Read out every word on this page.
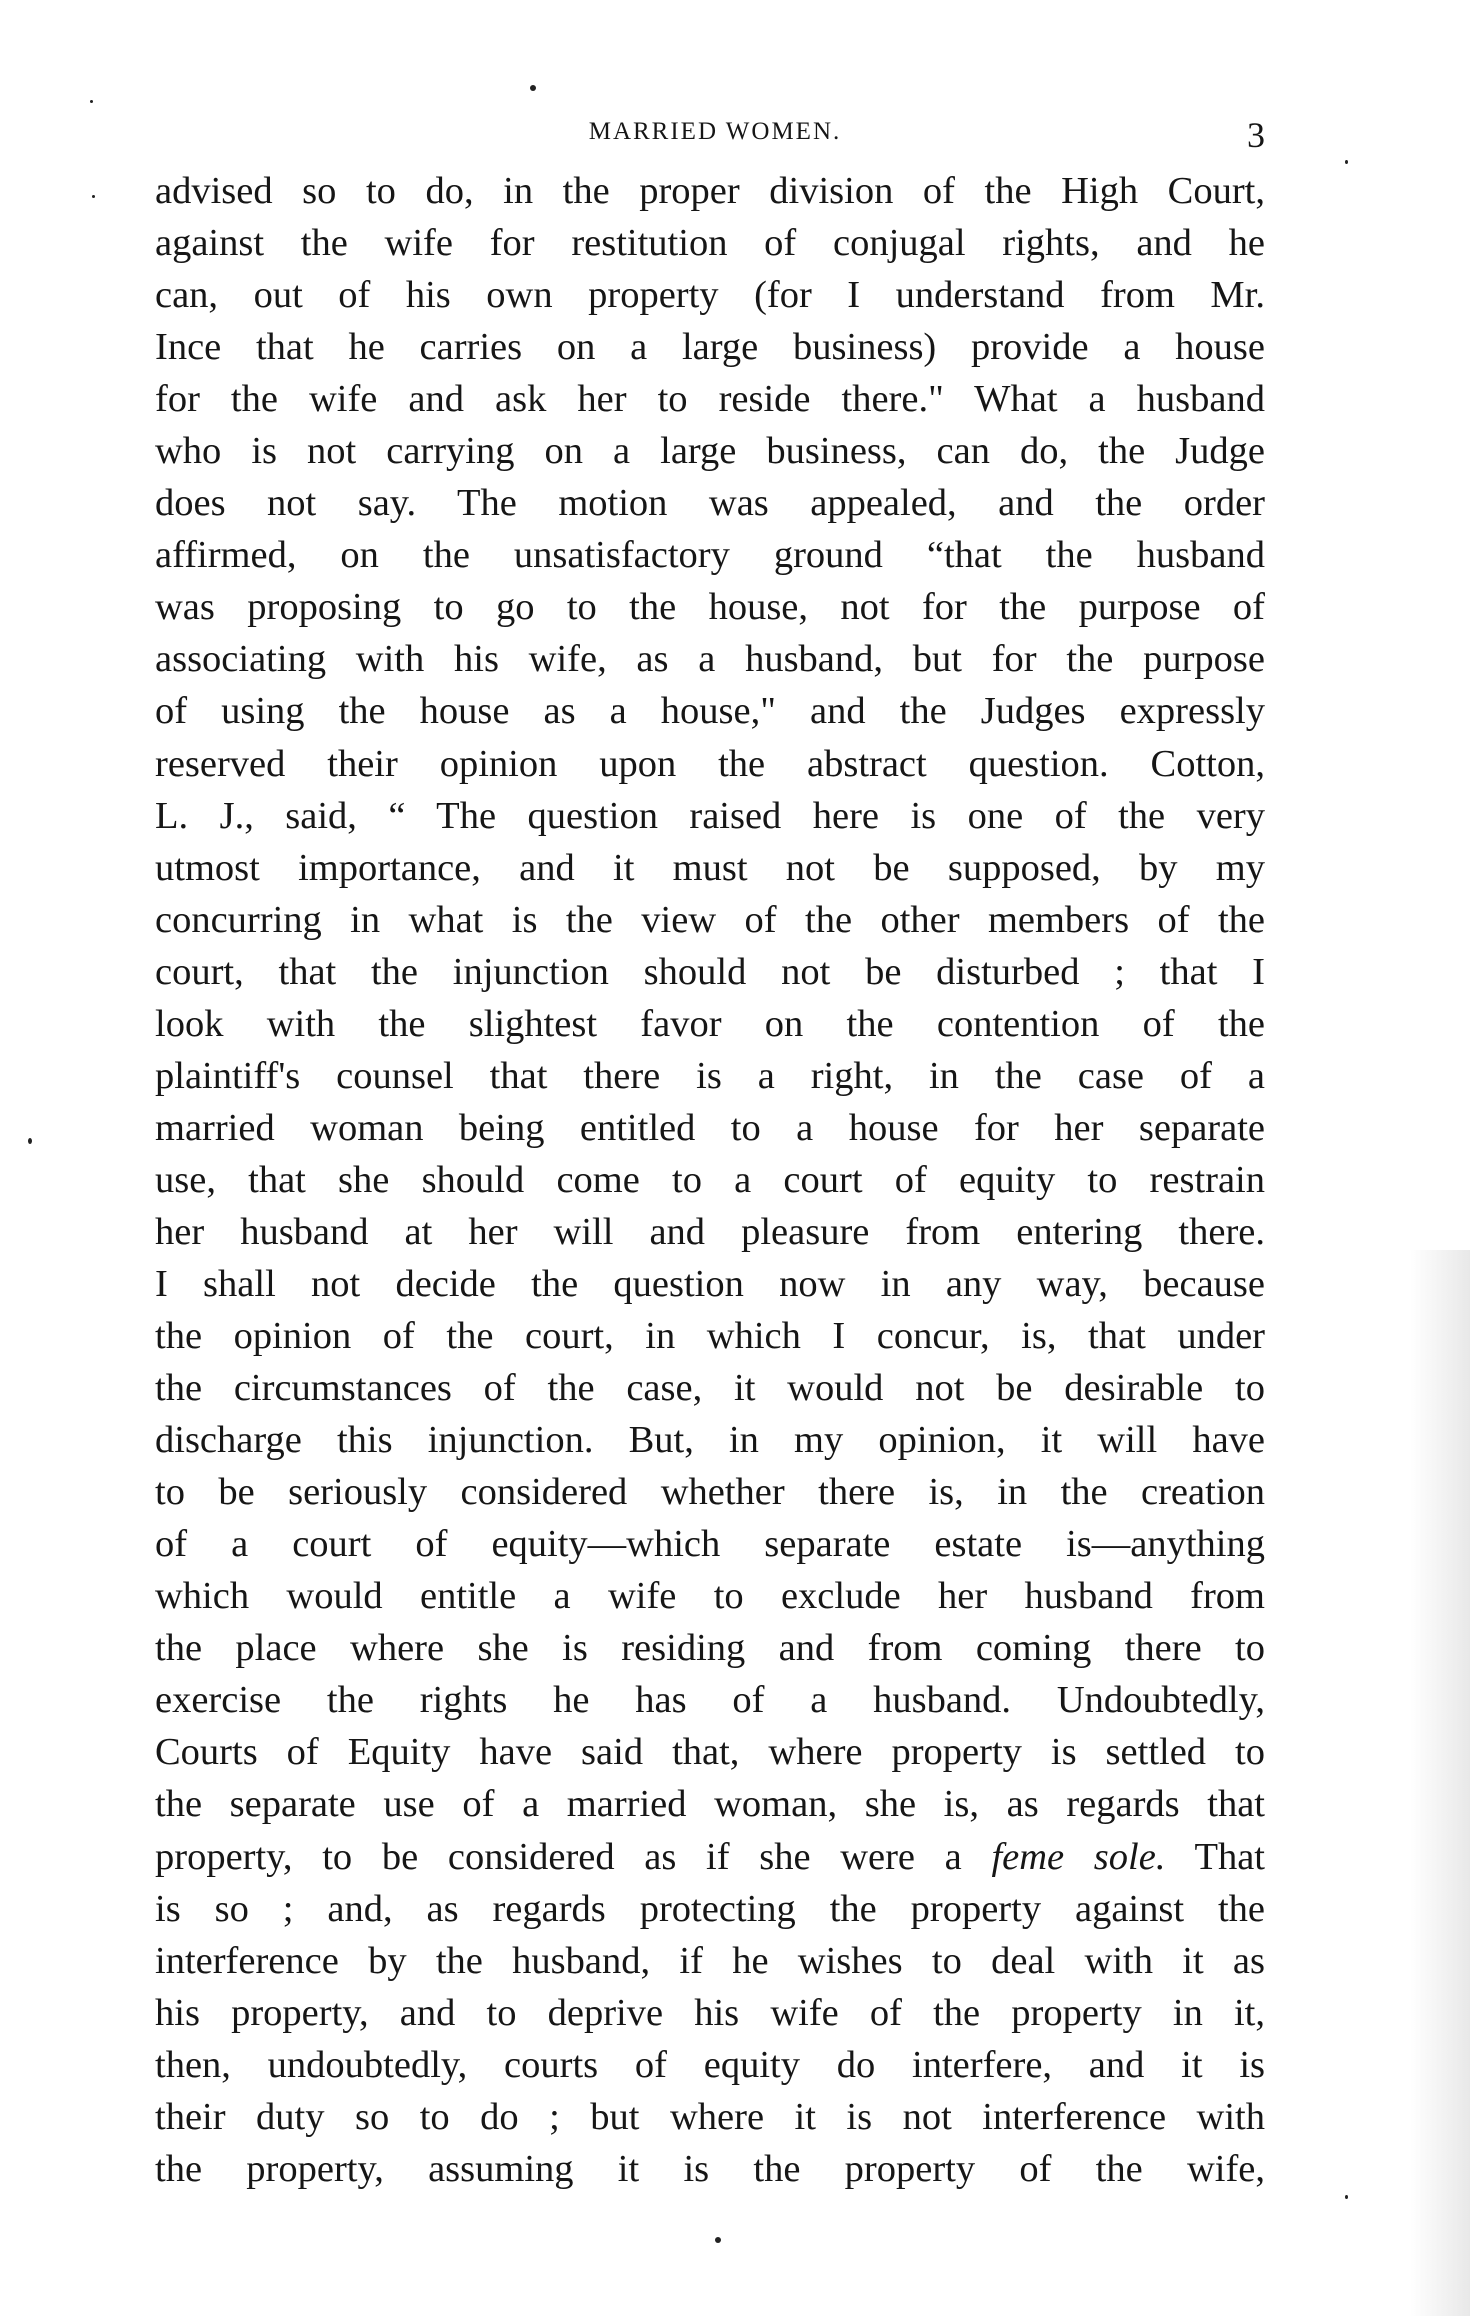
MARRIED WOMEN.	3
advised so to do, in the proper division of the High Court,
against the wife for restitution of conjugal rights, and he
can, out of his own property (for I understand from Mr.
Ince that he carries on a large business) provide a house
for the wife and ask her to reside there." What a husband
who is not carrying on a large business, can do, the Judge
does not say. The motion was appealed, and the order
affirmed, on the unsatisfactory ground “that the husband
was proposing to go to the house, not for the purpose of
associating with his wife, as a husband, but for the purpose
of using the house as a house," and the Judges expressly
reserved their opinion upon the abstract question. Cotton,
L. J., said, “ The question raised here is one of the very
utmost importance, and it must not be supposed, by my
concurring in what is the view of the other members of the
court, that the injunction should not be disturbed ; that I
look with the slightest favor on the contention of the
plaintiff's counsel that there is a right, in the case of a
married woman being entitled to a house for her separate
use, that she should come to a court of equity to restrain
her husband at her will and pleasure from entering there.
I shall not decide the question now in any way, because
the opinion of the court, in which I concur, is, that under
the circumstances of the case, it would not be desirable to
discharge this injunction. But, in my opinion, it will have
to be seriously considered whether there is, in the creation
of a court of equity—which separate estate is—anything
which would entitle a wife to exclude her husband from
the place where she is residing and from coming there to
exercise the rights he has of a husband. Undoubtedly,
Courts of Equity have said that, where property is settled to
the separate use of a married woman, she is, as regards that
property, to be considered as if she were a feme sole. That
is so ; and, as regards protecting the property against the
interference by the husband, if he wishes to deal with it as
his property, and to deprive his wife of the property in it,
then, undoubtedly, courts of equity do interfere, and it is
their duty so to do ; but where it is not interference with
the property, assuming it is the property of the wife,
